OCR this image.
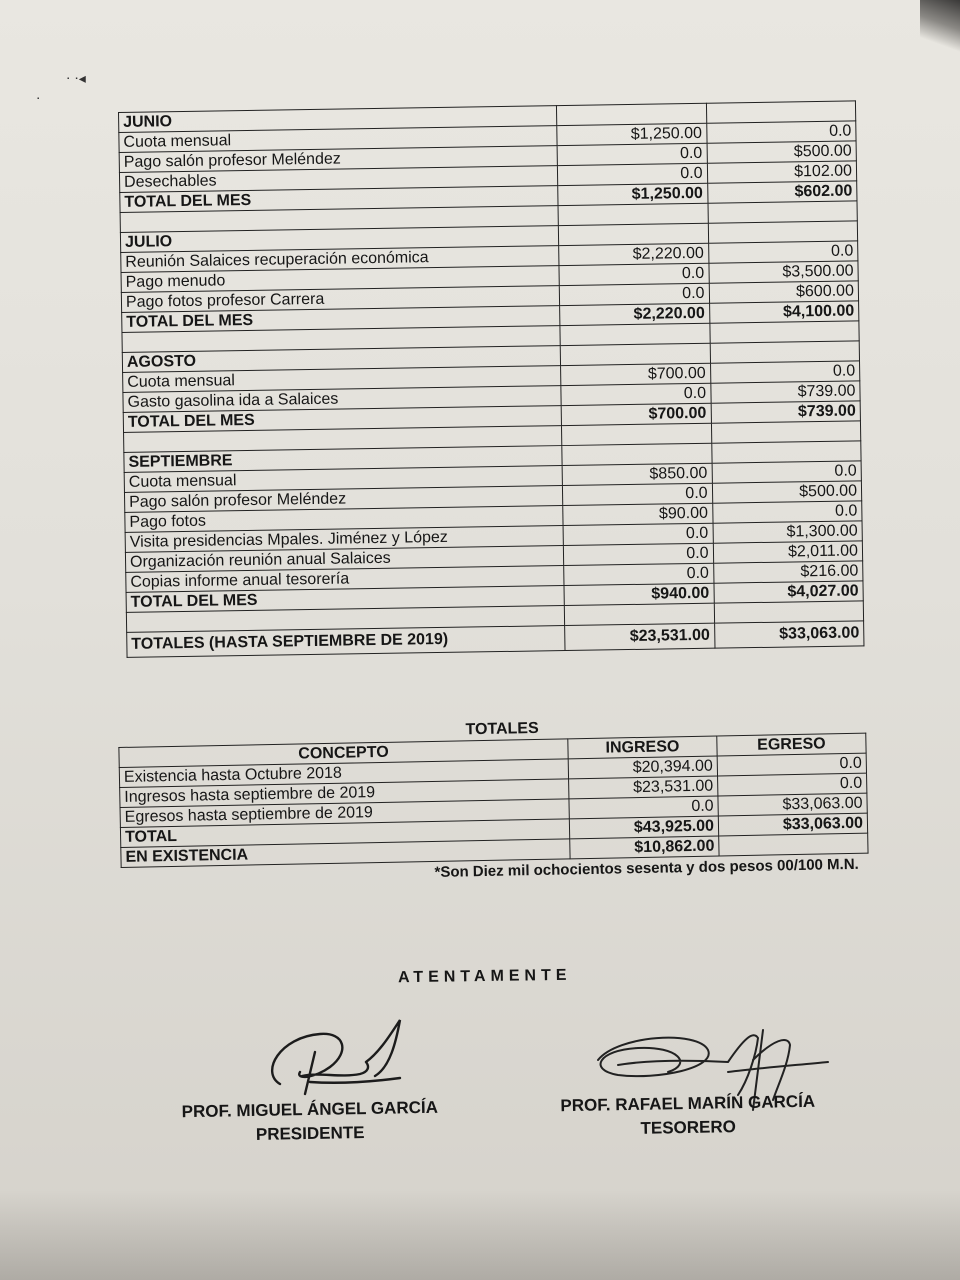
⋅ ⋅◂
⋅
JUNIO		
Cuota mensual	$1,250.00	0.0
Pago salón profesor Meléndez	0.0	$500.00
Desechables	0.0	$102.00
TOTAL DEL MES	$1,250.00	$602.00

JULIO		
Reunión Salaices recuperación económica	$2,220.00	0.0
Pago menudo	0.0	$3,500.00
Pago fotos profesor Carrera	0.0	$600.00
TOTAL DEL MES	$2,220.00	$4,100.00

AGOSTO		
Cuota mensual	$700.00	0.0
Gasto gasolina ida a Salaices	0.0	$739.00
TOTAL DEL MES	$700.00	$739.00

SEPTIEMBRE		
Cuota mensual	$850.00	0.0
Pago salón profesor Meléndez	0.0	$500.00
Pago fotos	$90.00	0.0
Visita presidencias Mpales. Jiménez y López	0.0	$1,300.00
Organización reunión anual Salaices	0.0	$2,011.00
Copias informe anual tesorería	0.0	$216.00
TOTAL DEL MES	$940.00	$4,027.00

TOTALES (HASTA SEPTIEMBRE DE 2019)	$23,531.00	$33,063.00
TOTALES
CONCEPTO	INGRESO	EGRESO
Existencia hasta Octubre 2018	$20,394.00	0.0
Ingresos hasta septiembre de 2019	$23,531.00	0.0
Egresos hasta septiembre de 2019	0.0	$33,063.00
TOTAL	$43,925.00	$33,063.00
EN EXISTENCIA	$10,862.00	
*Son Diez mil ochocientos sesenta y dos pesos 00/100 M.N.
ATENTAMENTE
PROF. MIGUEL ÁNGEL GARCÍA
PRESIDENTE
PROF. RAFAEL MARÍN GARCÍA
TESORERO
